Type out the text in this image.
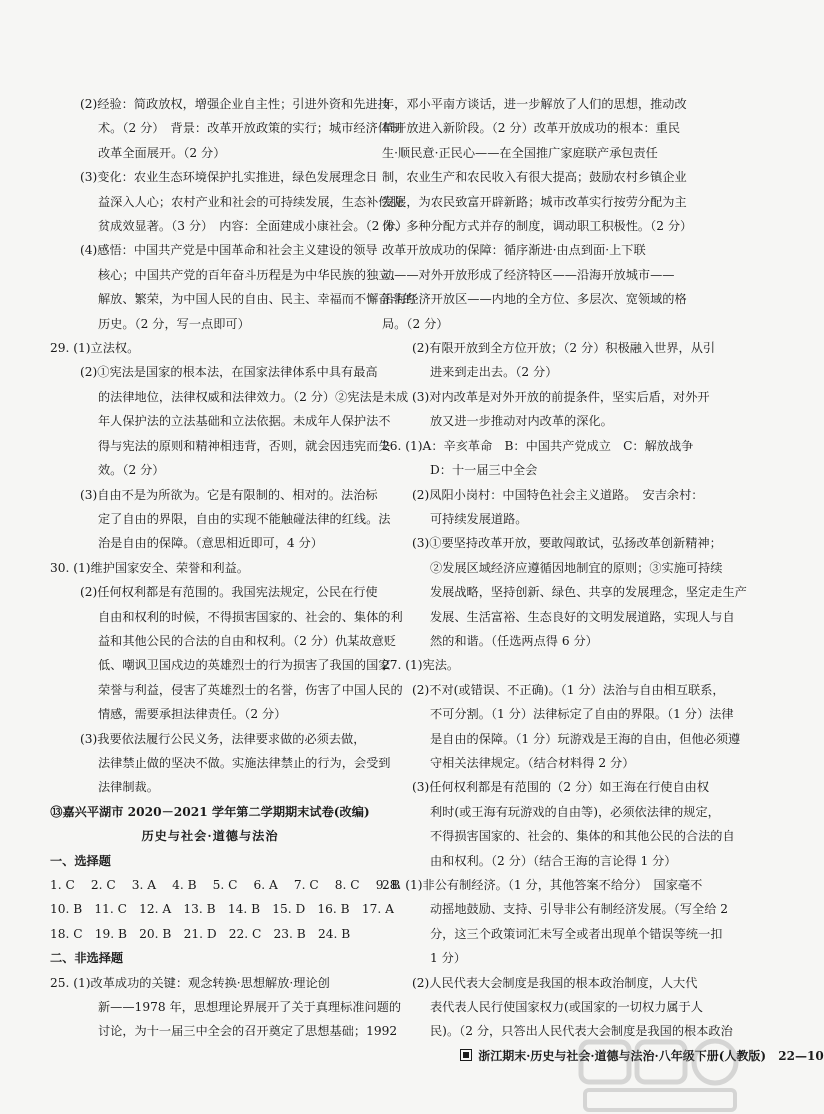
(2)经验：简政放权，增强企业自主性；引进外资和先进技

术。（2 分）　背景：改革开放政策的实行；城市经济体制

改革全面展开。（2 分）

(3)变化：农业生态环境保护扎实推进，绿色发展理念日

益深入人心；农村产业和社会的可持续发展，生态补偿脱

贫成效显著。（3 分）　内容：全面建成小康社会。（2 分）

(4)感悟：中国共产党是中国革命和社会主义建设的领导

核心；中国共产党的百年奋斗历程是为中华民族的独立、

解放、繁荣，为中国人民的自由、民主、幸福而不懈奋斗的

历史。（2 分，写一点即可）

29. (1)立法权。

(2)①宪法是国家的根本法，在国家法律体系中具有最高

的法律地位，法律权威和法律效力。（2 分）②宪法是未成

年人保护法的立法基础和立法依据。未成年人保护法不

得与宪法的原则和精神相违背，否则，就会因违宪而失

效。（2 分）

(3)自由不是为所欲为。它是有限制的、相对的。法治标

定了自由的界限，自由的实现不能触碰法律的红线。法

治是自由的保障。（意思相近即可，4 分）

30. (1)维护国家安全、荣誉和利益。

(2)任何权利都是有范围的。我国宪法规定，公民在行使

自由和权利的时候，不得损害国家的、社会的、集体的利

益和其他公民的合法的自由和权利。（2 分）仇某故意贬

低、嘲讽卫国戍边的英雄烈士的行为损害了我国的国家

荣誉与利益，侵害了英雄烈士的名誉，伤害了中国人民的

情感，需要承担法律责任。（2 分）

(3)我要依法履行公民义务，法律要求做的必须去做，

法律禁止做的坚决不做。实施法律禁止的行为，会受到

法律制裁。

⑬嘉兴平湖市 2020－2021 学年第二学期期末试卷(改编)

历史与社会·道德与法治

一、选择题

1. C　 2. C　 3. A　 4. B　 5. C　 6. A　 7. C　 8. C　 9. B

10. B　11. C　12. A　13. B　14. B　15. D　16. B　17. A

18. C　19. B　20. B　21. D　22. C　23. B　24. B

二、非选择题

25. (1)改革成功的关键：观念转换·思想解放·理论创

新——1978 年，思想理论界展开了关于真理标准问题的

讨论，为十一届三中全会的召开奠定了思想基础；1992

年，邓小平南方谈话，进一步解放了人们的思想，推动改

革开放进入新阶段。（2 分）改革开放成功的根本：重民

生·顺民意·正民心——在全国推广家庭联产承包责任

制，农业生产和农民收入有很大提高；鼓励农村乡镇企业

发展，为农民致富开辟新路；城市改革实行按劳分配为主

体、多种分配方式并存的制度，调动职工积极性。（2 分）

改革开放成功的保障：循序渐进·由点到面·上下联

动——对外开放形成了经济特区——沿海开放城市——

沿海经济开放区——内地的全方位、多层次、宽领域的格

局。（2 分）

(2)有限开放到全方位开放；（2 分）积极融入世界，从引

进来到走出去。（2 分）

(3)对内改革是对外开放的前提条件，坚实后盾，对外开

放又进一步推动对内改革的深化。

26. (1)A：辛亥革命　B：中国共产党成立　C：解放战争

D：十一届三中全会

(2)凤阳小岗村：中国特色社会主义道路。　安吉余村：

可持续发展道路。

(3)①要坚持改革开放，要敢闯敢试，弘扬改革创新精神；

②发展区域经济应遵循因地制宜的原则；③实施可持续

发展战略，坚持创新、绿色、共享的发展理念，坚定走生产

发展、生活富裕、生态良好的文明发展道路，实现人与自

然的和谐。（任选两点得 6 分）

27. (1)宪法。

(2)不对(或错误、不正确)。（1 分）法治与自由相互联系，

不可分割。（1 分）法律标定了自由的界限。（1 分）法律

是自由的保障。（1 分）玩游戏是王海的自由，但他必须遵

守相关法律规定。（结合材料得 2 分）

(3)任何权利都是有范围的（2 分）如王海在行使自由权

利时(或王海有玩游戏的自由等)，必须依法律的规定，

不得损害国家的、社会的、集体的和其他公民的合法的自

由和权利。（2 分）（结合王海的言论得 1 分）

28. (1)非公有制经济。（1 分，其他答案不给分）　国家毫不

动摇地鼓励、支持、引导非公有制经济发展。（写全给 2

分，这三个政策词汇未写全或者出现单个错误等统一扣

1 分）

(2)人民代表大会制度是我国的根本政治制度，人大代

表代表人民行使国家权力(或国家的一切权力属于人

民)。（2 分，只答出人民代表大会制度是我国的根本政治

浙江期末·历史与社会·道德与法治·八年级下册(人教版) 22—10
